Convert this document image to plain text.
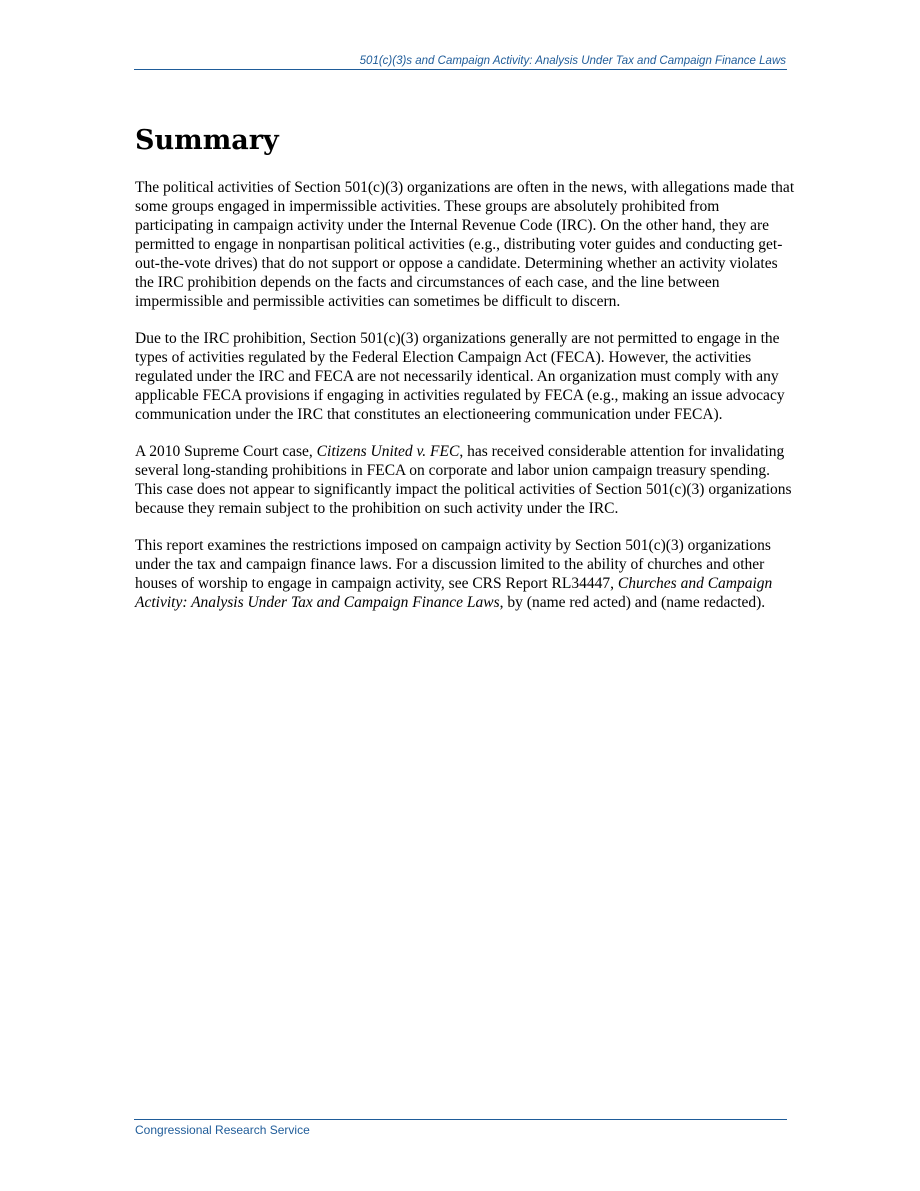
501(c)(3)s and Campaign Activity: Analysis Under Tax and Campaign Finance Laws
Summary

The political activities of Section 501(c)(3) organizations are often in the news, with allegations made that some groups engaged in impermissible activities. These groups are absolutely prohibited from participating in campaign activity under the Internal Revenue Code (IRC). On the other hand, they are permitted to engage in nonpartisan political activities (e.g., distributing voter guides and conducting get-out-the-vote drives) that do not support or oppose a candidate. Determining whether an activity violates the IRC prohibition depends on the facts and circumstances of each case, and the line between impermissible and permissible activities can sometimes be difficult to discern.

Due to the IRC prohibition, Section 501(c)(3) organizations generally are not permitted to engage in the types of activities regulated by the Federal Election Campaign Act (FECA). However, the activities regulated under the IRC and FECA are not necessarily identical. An organization must comply with any applicable FECA provisions if engaging in activities regulated by FECA (e.g., making an issue advocacy communication under the IRC that constitutes an electioneering communication under FECA).

A 2010 Supreme Court case, Citizens United v. FEC, has received considerable attention for invalidating several long-standing prohibitions in FECA on corporate and labor union campaign treasury spending. This case does not appear to significantly impact the political activities of Section 501(c)(3) organizations because they remain subject to the prohibition on such activity under the IRC.

This report examines the restrictions imposed on campaign activity by Section 501(c)(3) organizations under the tax and campaign finance laws. For a discussion limited to the ability of churches and other houses of worship to engage in campaign activity, see CRS Report RL34447, Churches and Campaign Activity: Analysis Under Tax and Campaign Finance Laws, by (name red acted) and (name redacted).

Congressional Research Service
